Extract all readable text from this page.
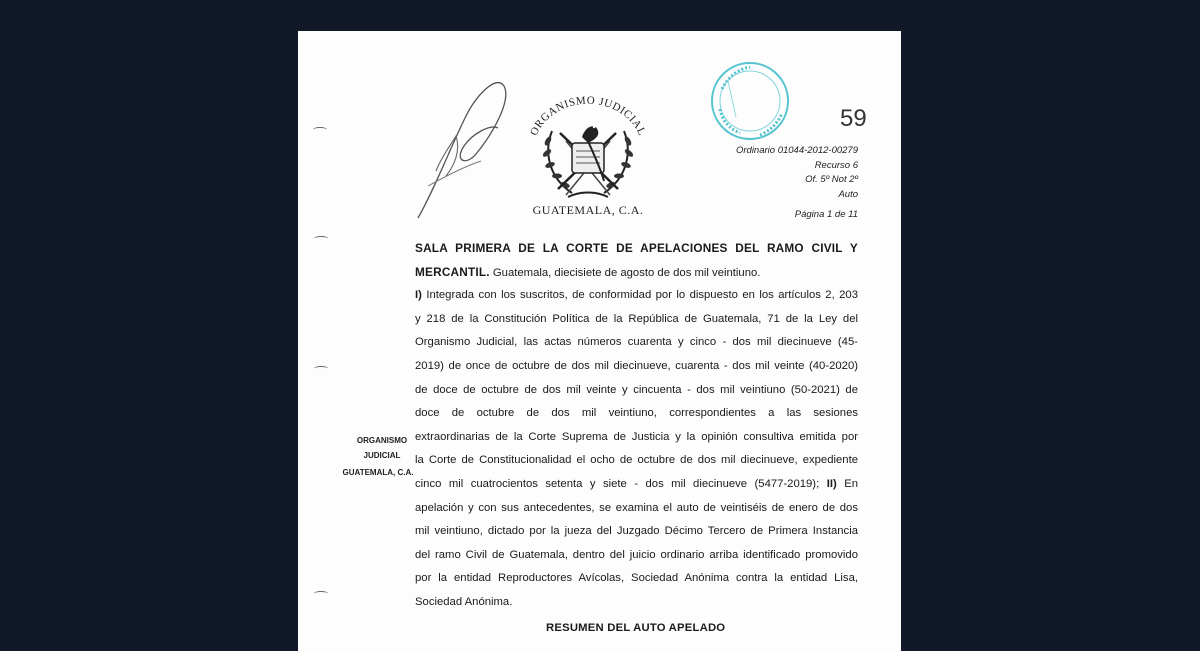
ORGANISMO JUDICIAL
GUATEMALA, C.A.
59
Ordinario 01044-2012-00279
Recurso 6
Of. 5º Not 2º
Auto
Página 1 de 11
ORGANISMO
JUDICIAL
GUATEMALA, C.A.
SALA PRIMERA DE LA CORTE DE APELACIONES DEL RAMO CIVIL Y
MERCANTIL. Guatemala, diecisiete de agosto de dos mil veintiuno.
I) Integrada con los suscritos, de conformidad por lo dispuesto en los artículos 2, 203
y 218 de la Constitución Política de la República de Guatemala, 71 de la Ley del
Organismo Judicial, las actas números cuarenta y cinco - dos mil diecinueve (45-
2019) de once de octubre de dos mil diecinueve, cuarenta - dos mil veinte (40-2020)
de doce de octubre de dos mil veinte y cincuenta - dos mil veintiuno (50-2021) de
doce de octubre de dos mil veintiuno, correspondientes a las sesiones
extraordinarias de la Corte Suprema de Justicia y la opinión consultiva emitida por
la Corte de Constitucionalidad el ocho de octubre de dos mil diecinueve, expediente
cinco mil cuatrocientos setenta y siete - dos mil diecinueve (5477-2019); II) En
apelación y con sus antecedentes, se examina el auto de veintiséis de enero de dos
mil veintiuno, dictado por la jueza del Juzgado Décimo Tercero de Primera Instancia
del ramo Civil de Guatemala, dentro del juicio ordinario arriba identificado promovido
por la entidad Reproductores Avícolas, Sociedad Anónima contra la entidad Lisa,
Sociedad Anónima.
RESUMEN DEL AUTO APELADO
